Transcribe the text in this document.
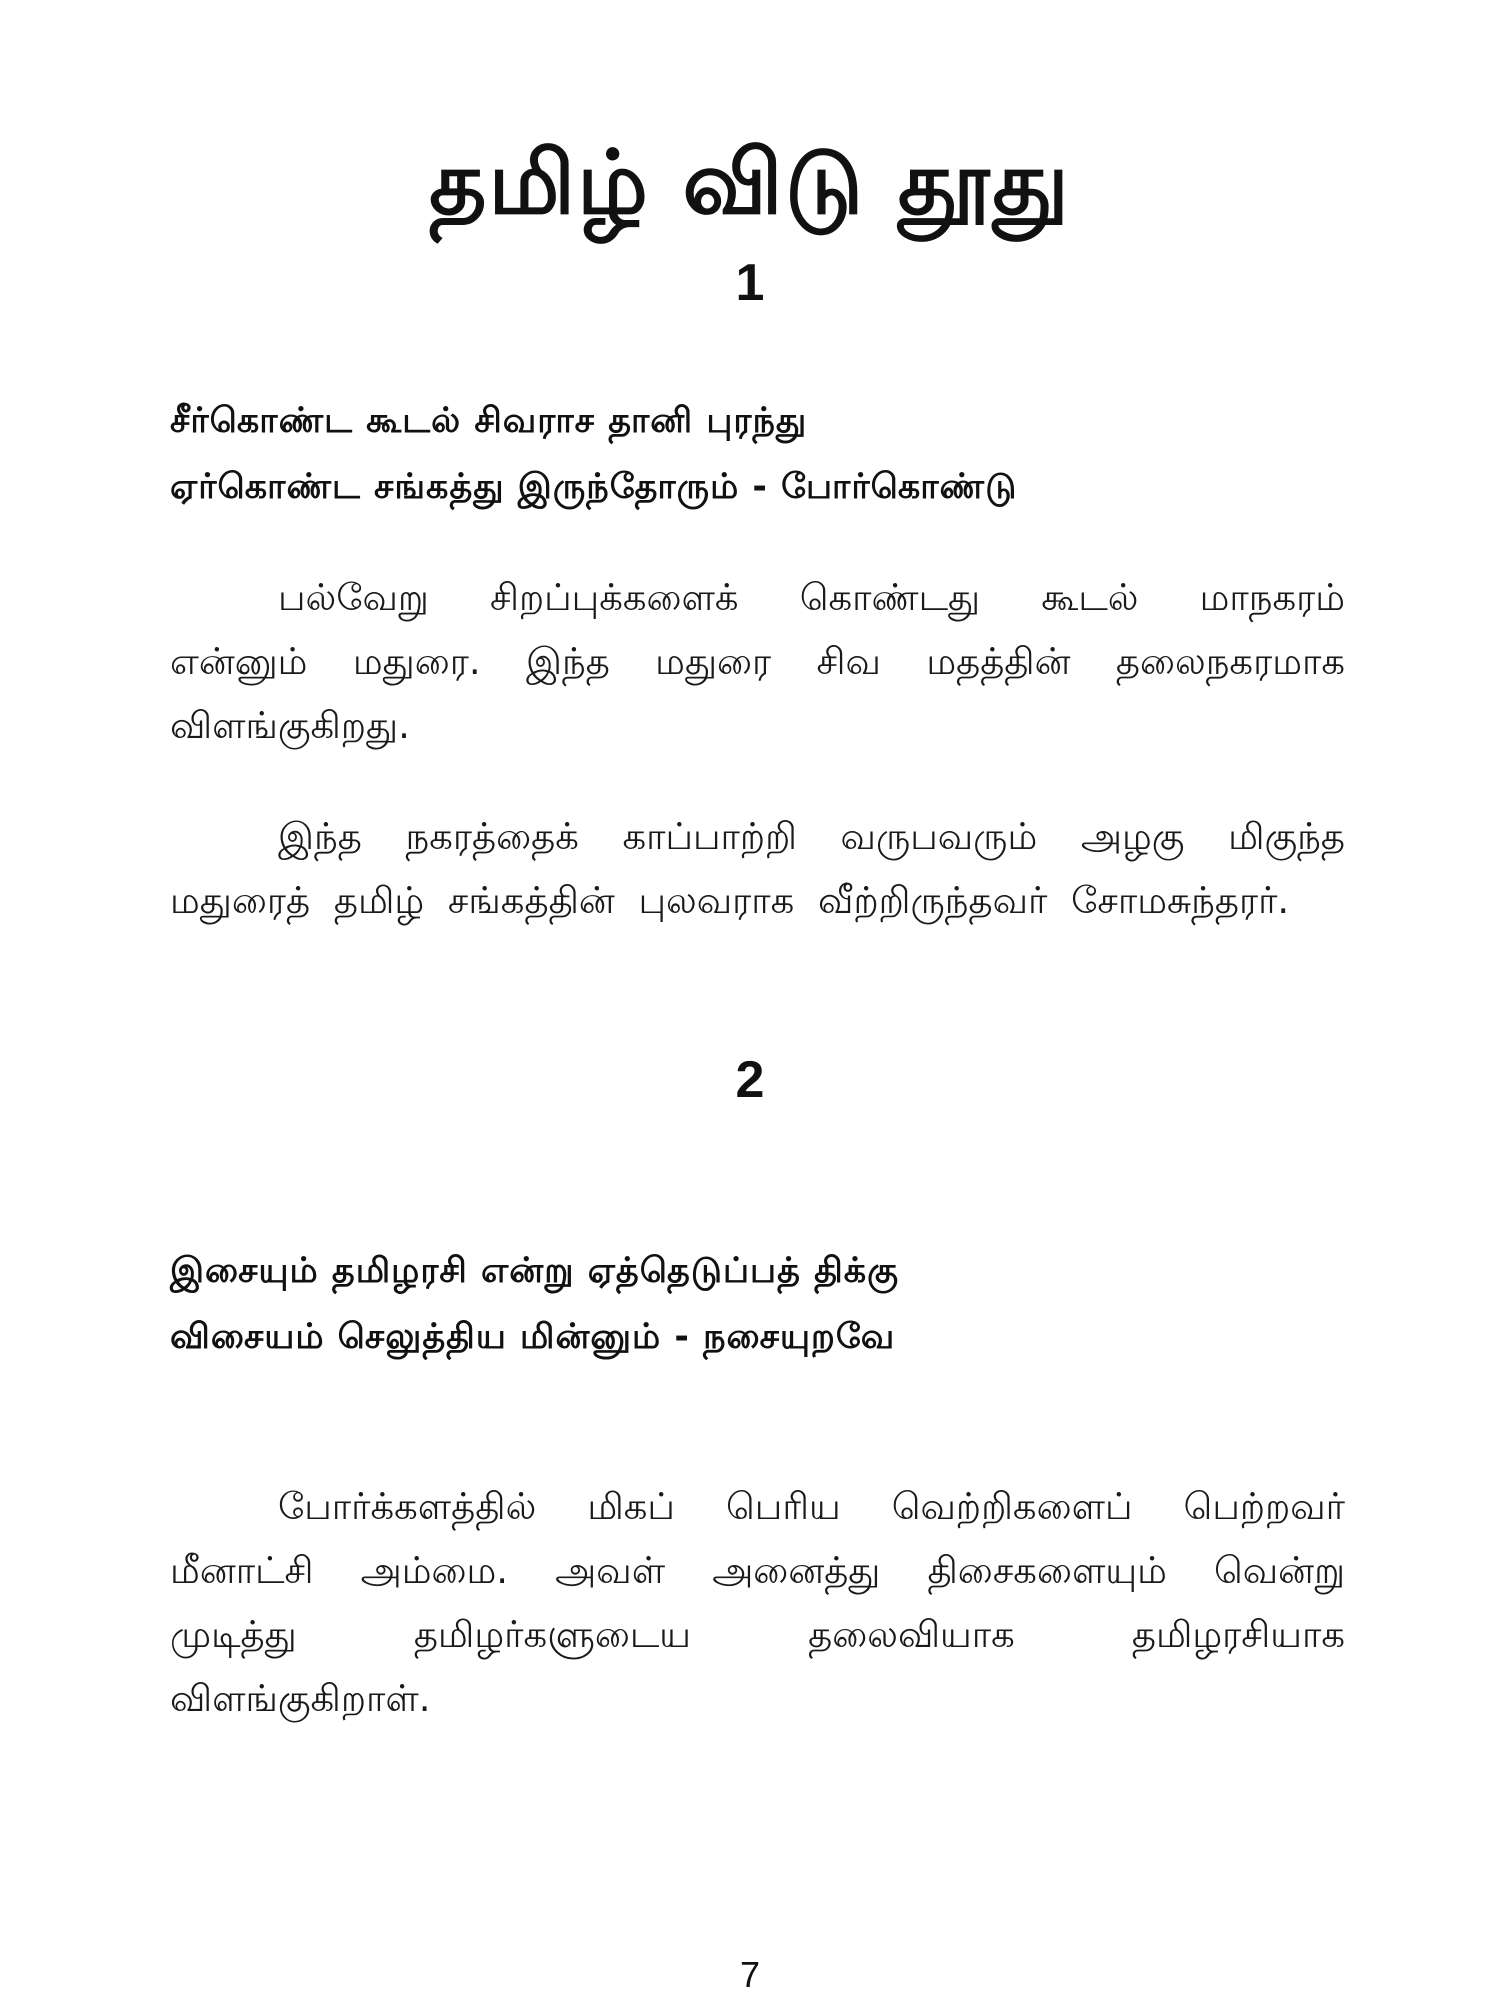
தமிழ் விடு தூது
1
சீர்கொண்ட கூடல் சிவராச தானி புரந்து
ஏர்கொண்ட சங்கத்து இருந்தோரும் - போர்கொண்டு

பல்வேறு சிறப்புக்களைக் கொண்டது கூடல் மாநகரம் என்னும் மதுரை. இந்த மதுரை சிவ மதத்தின் தலைநகரமாக விளங்குகிறது.

இந்த நகரத்தைக் காப்பாற்றி வருபவரும் அழகு மிகுந்த மதுரைத் தமிழ் சங்கத்தின் புலவராக வீற்றிருந்தவர் சோமசுந்தரர்.

2
இசையும் தமிழரசி என்று ஏத்தெடுப்பத் திக்கு
விசையம் செலுத்திய மின்னும் - நசையுறவே

போர்க்களத்தில் மிகப் பெரிய வெற்றிகளைப் பெற்றவர் மீனாட்சி அம்மை. அவள் அனைத்து திசைகளையும் வென்று முடித்து தமிழர்களுடைய தலைவியாக தமிழரசியாக விளங்குகிறாள்.

7
